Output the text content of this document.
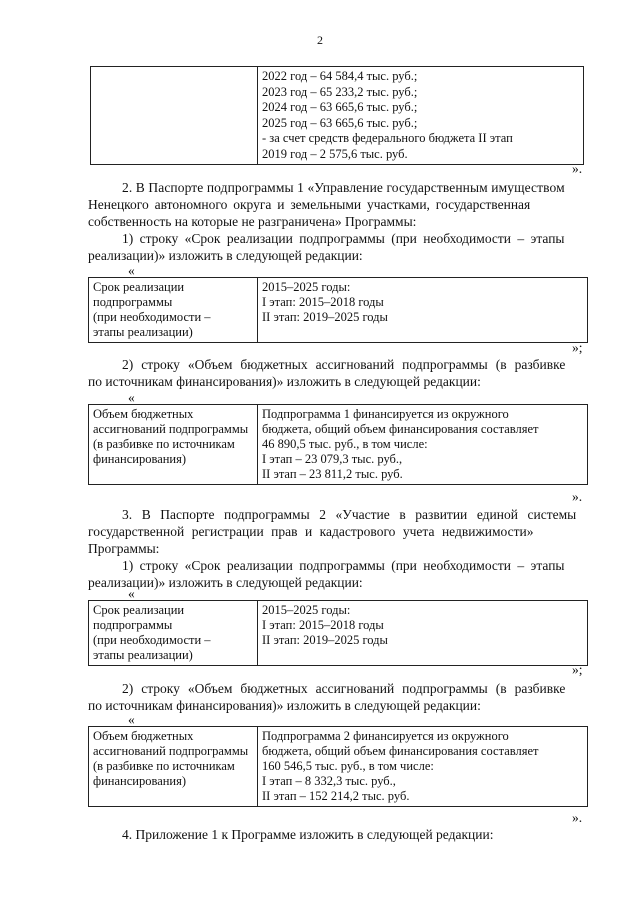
2

2022 год – 64 584,4 тыс. руб.;
2023 год – 65 233,2 тыс. руб.;
2024 год – 63 665,6 тыс. руб.;
2025 год – 63 665,6 тыс. руб.;
- за счет средств федерального бюджета II этап
2019 год – 2 575,6 тыс. руб.
».
2. В Паспорте подпрограммы 1 «Управление государственным имуществом
Ненецкого автономного округа и земельными участками, государственная
собственность на которые не разграничена» Программы:
1) строку «Срок реализации подпрограммы (при необходимости – этапы
реализации)» изложить в следующей редакции:
«
Срок реализации
подпрограммы
(при необходимости –
этапы реализации)	2015–2025 годы:
I этап: 2015–2018 годы
II этап: 2019–2025 годы
»;
2) строку «Объем бюджетных ассигнований подпрограммы (в разбивке
по источникам финансирования)» изложить в следующей редакции:
«
Объем бюджетных
ассигнований подпрограммы
(в разбивке по источникам
финансирования)	Подпрограмма 1 финансируется из окружного
бюджета, общий объем финансирования составляет
46 890,5 тыс. руб., в том числе:
I этап – 23 079,3 тыс. руб.,
II этап – 23 811,2 тыс. руб.
».
3. В Паспорте подпрограммы 2 «Участие в развитии единой системы
государственной регистрации прав и кадастрового учета недвижимости»
Программы:
1) строку «Срок реализации подпрограммы (при необходимости – этапы
реализации)» изложить в следующей редакции:
«
Срок реализации
подпрограммы
(при необходимости –
этапы реализации)	2015–2025 годы:
I этап: 2015–2018 годы
II этап: 2019–2025 годы
»;
2) строку «Объем бюджетных ассигнований подпрограммы (в разбивке
по источникам финансирования)» изложить в следующей редакции:
«
Объем бюджетных
ассигнований подпрограммы
(в разбивке по источникам
финансирования)	Подпрограмма 2 финансируется из окружного
бюджета, общий объем финансирования составляет
160 546,5 тыс. руб., в том числе:
I этап – 8 332,3 тыс. руб.,
II этап – 152 214,2 тыс. руб.
».
4. Приложение 1 к Программе изложить в следующей редакции:
